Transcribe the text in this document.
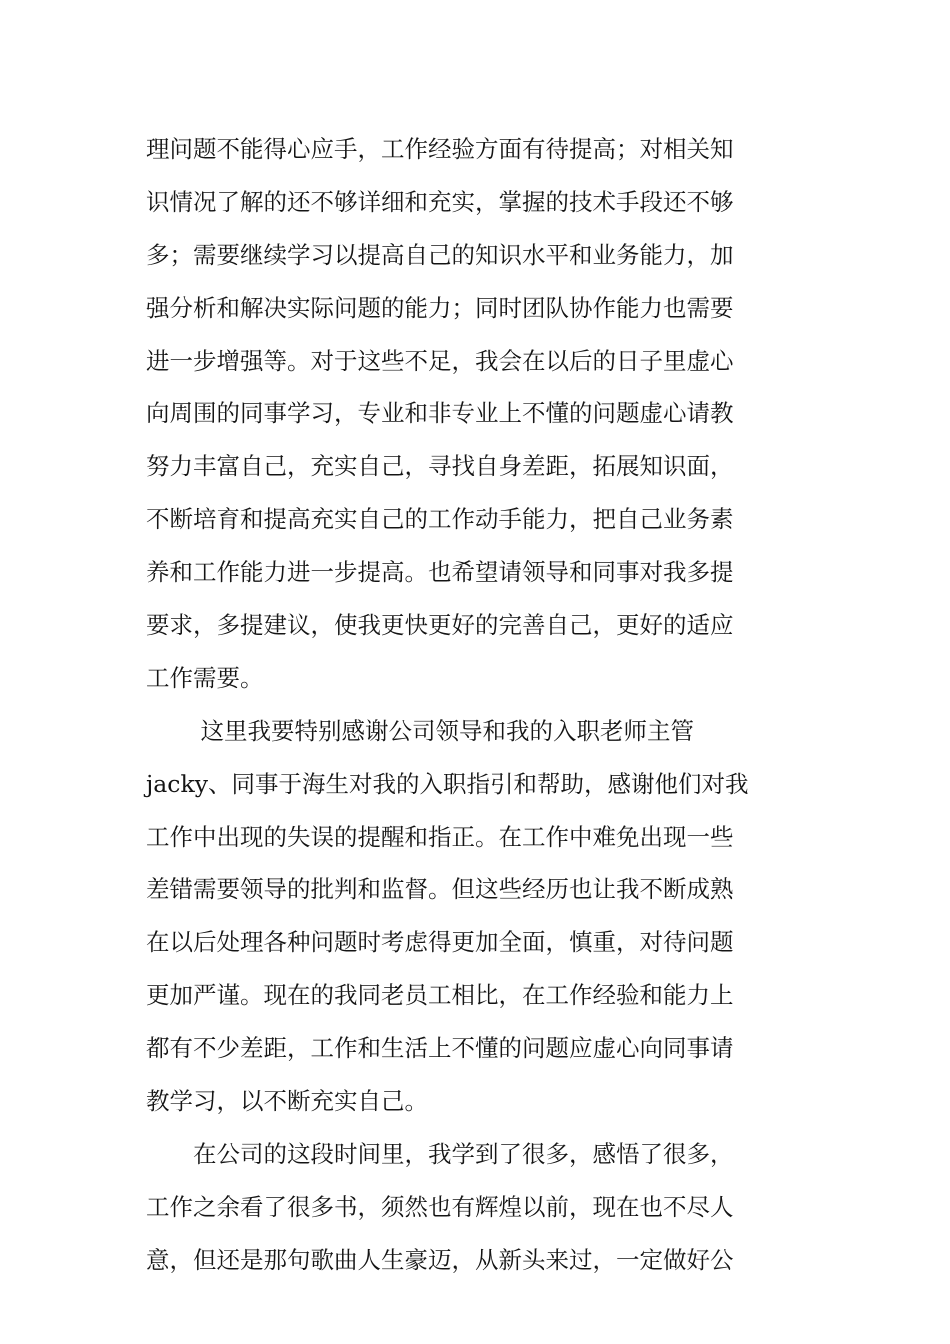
理问题不能得心应手，工作经验方面有待提高；对相关知
识情况了解的还不够详细和充实，掌握的技术手段还不够
多；需要继续学习以提高自己的知识水平和业务能力，加
强分析和解决实际问题的能力；同时团队协作能力也需要
进一步增强等。对于这些不足，我会在以后的日子里虚心
向周围的同事学习，专业和非专业上不懂的问题虚心请教
努力丰富自己，充实自己，寻找自身差距，拓展知识面，
不断培育和提高充实自己的工作动手能力，把自己业务素
养和工作能力进一步提高。也希望请领导和同事对我多提
要求，多提建议，使我更快更好的完善自己，更好的适应
工作需要。
　　 这里我要特别感谢公司领导和我的入职老师主管
jacky、同事于海生对我的入职指引和帮助，感谢他们对我
工作中出现的失误的提醒和指正。在工作中难免出现一些
差错需要领导的批判和监督。但这些经历也让我不断成熟
在以后处理各种问题时考虑得更加全面，慎重，对待问题
更加严谨。现在的我同老员工相比，在工作经验和能力上
都有不少差距，工作和生活上不懂的问题应虚心向同事请
教学习，以不断充实自己。
　　在公司的这段时间里，我学到了很多，感悟了很多，
工作之余看了很多书，须然也有辉煌以前，现在也不尽人
意，但还是那句歌曲人生豪迈，从新头来过，一定做好公
